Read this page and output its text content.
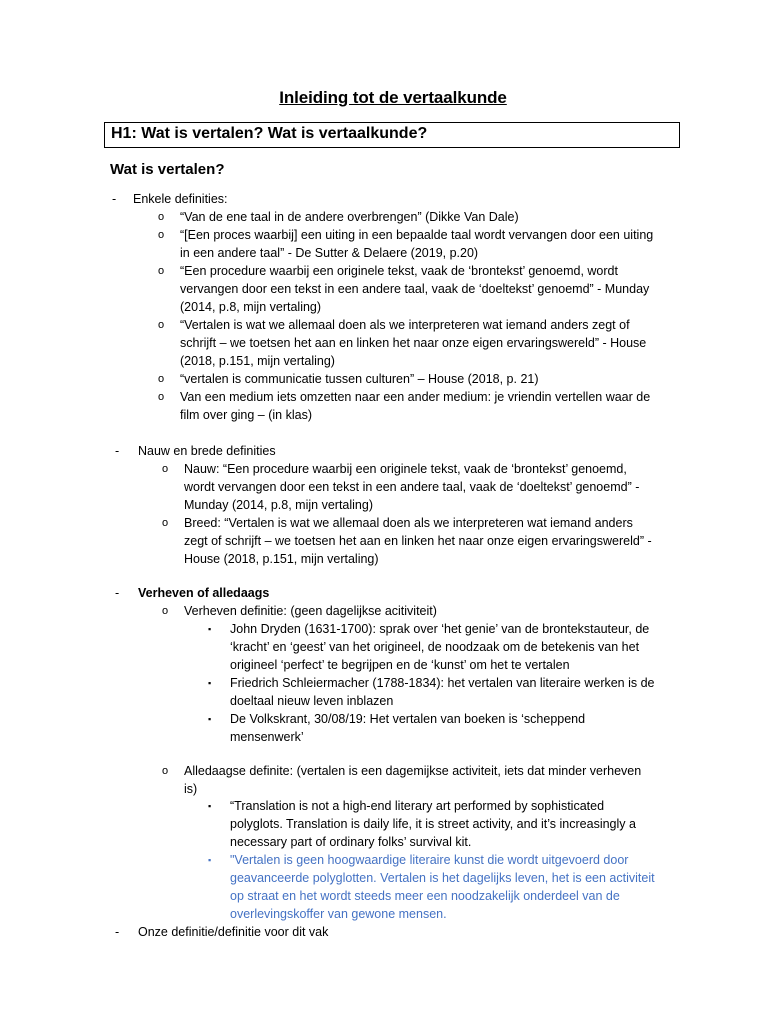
Inleiding tot de vertaalkunde
H1: Wat is vertalen? Wat is vertaalkunde?
Wat is vertalen?
- Enkele definities:
o “Van de ene taal in de andere overbrengen” (Dikke Van Dale)
o “[Een proces waarbij] een uiting in een bepaalde taal wordt vervangen door een uiting
in een andere taal” - De Sutter & Delaere (2019, p.20)
o “Een procedure waarbij een originele tekst, vaak de ‘brontekst’ genoemd, wordt
vervangen door een tekst in een andere taal, vaak de ‘doeltekst’ genoemd” - Munday
(2014, p.8, mijn vertaling)
o “Vertalen is wat we allemaal doen als we interpreteren wat iemand anders zegt of
schrijft – we toetsen het aan en linken het naar onze eigen ervaringswereld” - House
(2018, p.151, mijn vertaling)
o “vertalen is communicatie tussen culturen” – House (2018, p. 21)
o Van een medium iets omzetten naar een ander medium: je vriendin vertellen waar de
film over ging – (in klas)
- Nauw en brede definities
o Nauw: “Een procedure waarbij een originele tekst, vaak de ‘brontekst’ genoemd,
wordt vervangen door een tekst in een andere taal, vaak de ‘doeltekst’ genoemd” -
Munday (2014, p.8, mijn vertaling)
o Breed: “Vertalen is wat we allemaal doen als we interpreteren wat iemand anders
zegt of schrijft – we toetsen het aan en linken het naar onze eigen ervaringswereld” -
House (2018, p.151, mijn vertaling)
- Verheven of alledaags
o Verheven definitie: (geen dagelijkse acitiviteit)
▪ John Dryden (1631-1700): sprak over ‘het genie’ van de brontekstauteur, de
‘kracht’ en ‘geest’ van het origineel, de noodzaak om de betekenis van het
origineel ‘perfect’ te begrijpen en de ‘kunst’ om het te vertalen
▪ Friedrich Schleiermacher (1788-1834): het vertalen van literaire werken is de
doeltaal nieuw leven inblazen
▪ De Volkskrant, 30/08/19: Het vertalen van boeken is ‘scheppend
mensenwerk’
o Alledaagse definite: (vertalen is een dagemijkse activiteit, iets dat minder verheven
is)
▪ “Translation is not a high-end literary art performed by sophisticated
polyglots. Translation is daily life, it is street activity, and it’s increasingly a
necessary part of ordinary folks’ survival kit.
▪ "Vertalen is geen hoogwaardige literaire kunst die wordt uitgevoerd door
geavanceerde polyglotten. Vertalen is het dagelijks leven, het is een activiteit
op straat en het wordt steeds meer een noodzakelijk onderdeel van de
overlevingskoffer van gewone mensen.
- Onze definitie/definitie voor dit vak
